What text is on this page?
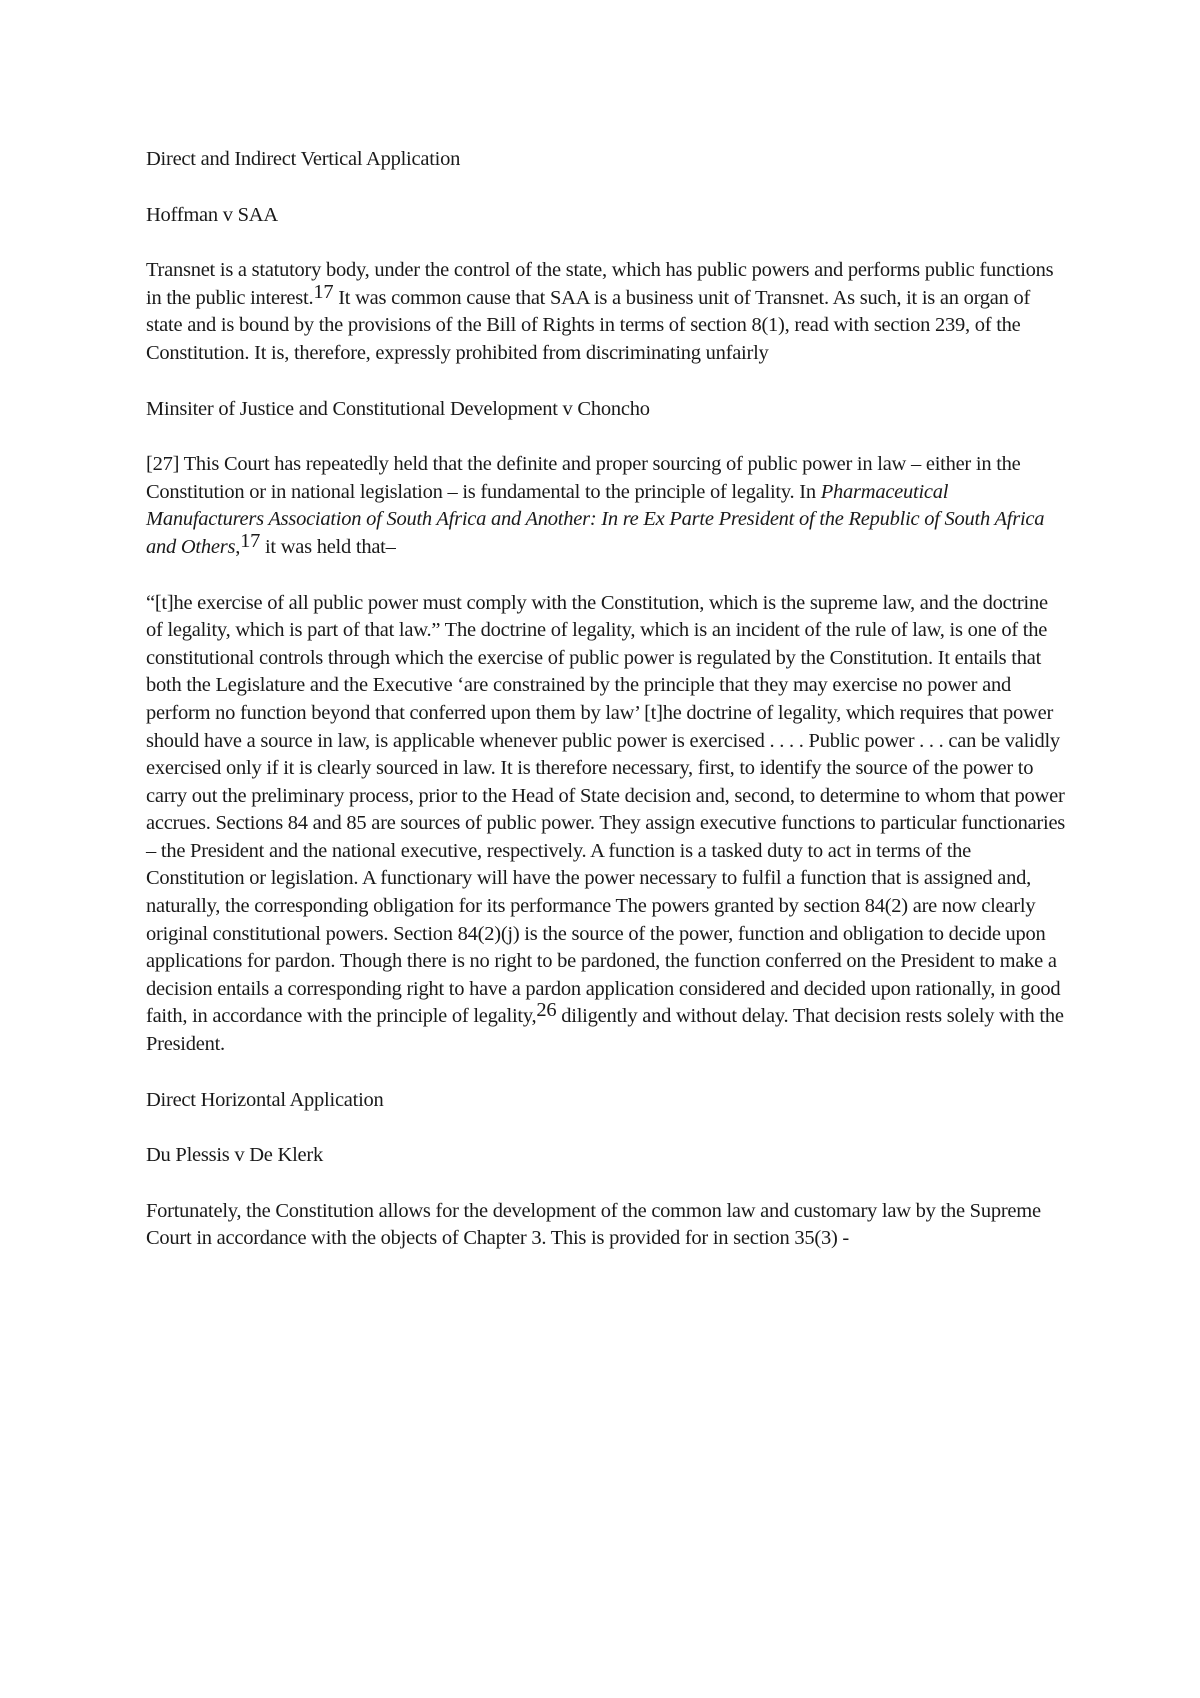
Direct and Indirect Vertical Application

Hoffman v SAA

Transnet is a statutory body, under the control of the state, which has public powers and performs public functions in the public interest.$^{17}$ It was common cause that SAA is a business unit of Transnet. As such, it is an organ of state and is bound by the provisions of the Bill of Rights in terms of section 8(1), read with section 239, of the Constitution. It is, therefore, expressly prohibited from discriminating unfairly

Minsiter of Justice and Constitutional Development v Choncho

[27] This Court has repeatedly held that the definite and proper sourcing of public power in law – either in the Constitution or in national legislation – is fundamental to the principle of legality. In Pharmaceutical Manufacturers Association of South Africa and Another: In re Ex Parte President of the Republic of South Africa and Others,$^{17}$ it was held that–

“[t]he exercise of all public power must comply with the Constitution, which is the supreme law, and the doctrine of legality, which is part of that law.” The doctrine of legality, which is an incident of the rule of law, is one of the constitutional controls through which the exercise of public power is regulated by the Constitution. It entails that both the Legislature and the Executive ‘are constrained by the principle that they may exercise no power and perform no function beyond that conferred upon them by law’ [t]he doctrine of legality, which requires that power should have a source in law, is applicable whenever public power is exercised . . . . Public power . . . can be validly exercised only if it is clearly sourced in law. It is therefore necessary, first, to identify the source of the power to carry out the preliminary process, prior to the Head of State decision and, second, to determine to whom that power accrues. Sections 84 and 85 are sources of public power. They assign executive functions to particular functionaries – the President and the national executive, respectively. A function is a tasked duty to act in terms of the Constitution or legislation. A functionary will have the power necessary to fulfil a function that is assigned and, naturally, the corresponding obligation for its performance The powers granted by section 84(2) are now clearly original constitutional powers. Section 84(2)(j) is the source of the power, function and obligation to decide upon applications for pardon. Though there is no right to be pardoned, the function conferred on the President to make a decision entails a corresponding right to have a pardon application considered and decided upon rationally, in good faith, in accordance with the principle of legality,$^{26}$ diligently and without delay. That decision rests solely with the President.

Direct Horizontal Application

Du Plessis v De Klerk

Fortunately, the Constitution allows for the development of the common law and customary law by the Supreme Court in accordance with the objects of Chapter 3. This is provided for in section 35(3) -
